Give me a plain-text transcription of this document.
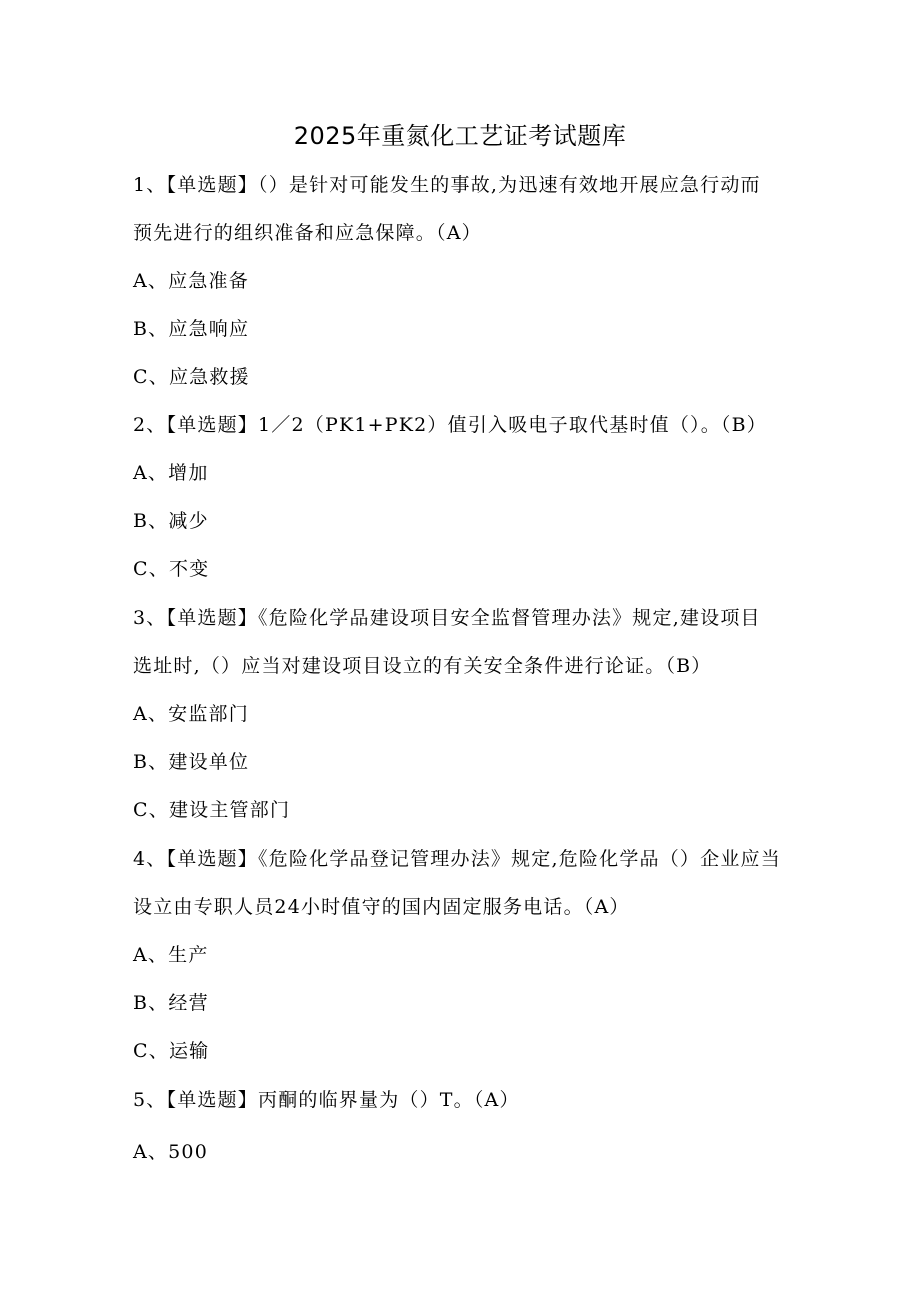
2025年重氮化工艺证考试题库
1、【单选题】（）是针对可能发生的事故,为迅速有效地开展应急行动而
预先进行的组织准备和应急保障。（A）
A、应急准备
B、应急响应
C、应急救援
2、【单选题】1／2（PK1+PK2）值引入吸电子取代基时值（）。（B）
A、增加
B、减少
C、不变
3、【单选题】《危险化学品建设项目安全监督管理办法》规定,建设项目
选址时,（）应当对建设项目设立的有关安全条件进行论证。（B）
A、安监部门
B、建设单位
C、建设主管部门
4、【单选题】《危险化学品登记管理办法》规定,危险化学品（）企业应当
设立由专职人员24小时值守的国内固定服务电话。（A）
A、生产
B、经营
C、运输
5、【单选题】丙酮的临界量为（）T。（A）
A、500
